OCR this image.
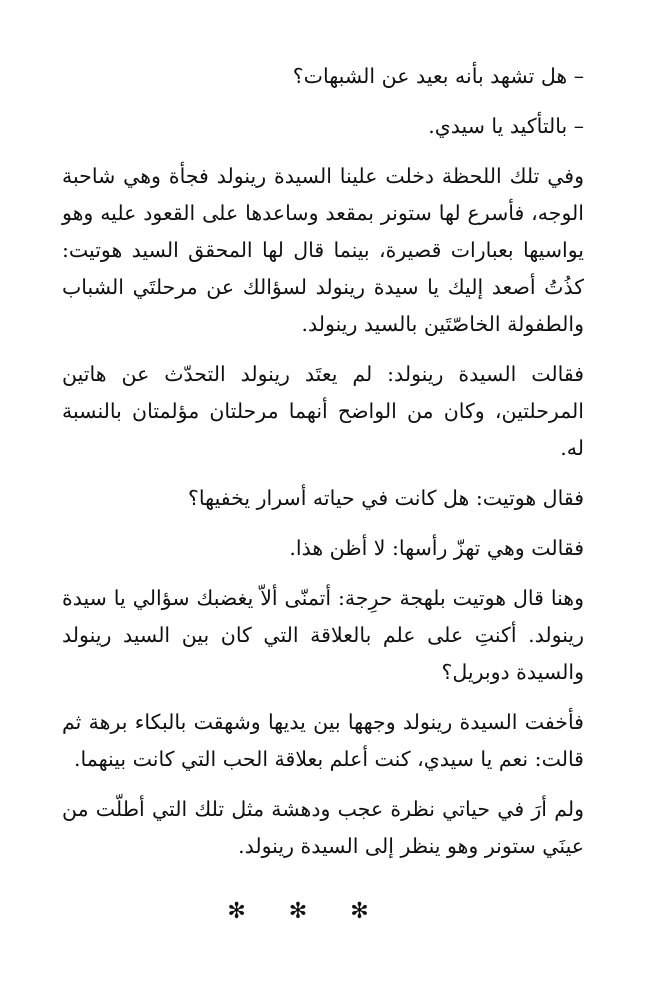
– هل تشهد بأنه بعيد عن الشبهات؟

– بالتأكيد يا سيدي.

وفي تلك اللحظة دخلت علينا السيدة رينولد فجأة وهي شاحبة الوجه، فأسرع لها ستونر بمقعد وساعدها على القعود عليه وهو يواسيها بعبارات قصيرة، بينما قال لها المحقق السيد هوتيت: كذُتُ أصعد إليك يا سيدة رينولد لسؤالك عن مرحلتَي الشباب والطفولة الخاصّتَين بالسيد رينولد.

فقالت السيدة رينولد: لم يعتَد رينولد التحدّث عن هاتين المرحلتين، وكان من الواضح أنهما مرحلتان مؤلمتان بالنسبة له.

فقال هوتيت: هل كانت في حياته أسرار يخفيها؟

فقالت وهي تهزّ رأسها: لا أظن هذا.

وهنا قال هوتيت بلهجة حرِجة: أتمنّى ألاّ يغضبك سؤالي يا سيدة رينولد. أكنتِ على علم بالعلاقة التي كان بين السيد رينولد والسيدة دوبريل؟

فأخفت السيدة رينولد وجهها بين يديها وشهقت بالبكاء برهة ثم قالت: نعم يا سيدي، كنت أعلم بعلاقة الحب التي كانت بينهما.

ولم أرَ في حياتي نظرة عجب ودهشة مثل تلك التي أطلّت من عينَي ستونر وهو ينظر إلى السيدة رينولد.

✻ ✻ ✻
